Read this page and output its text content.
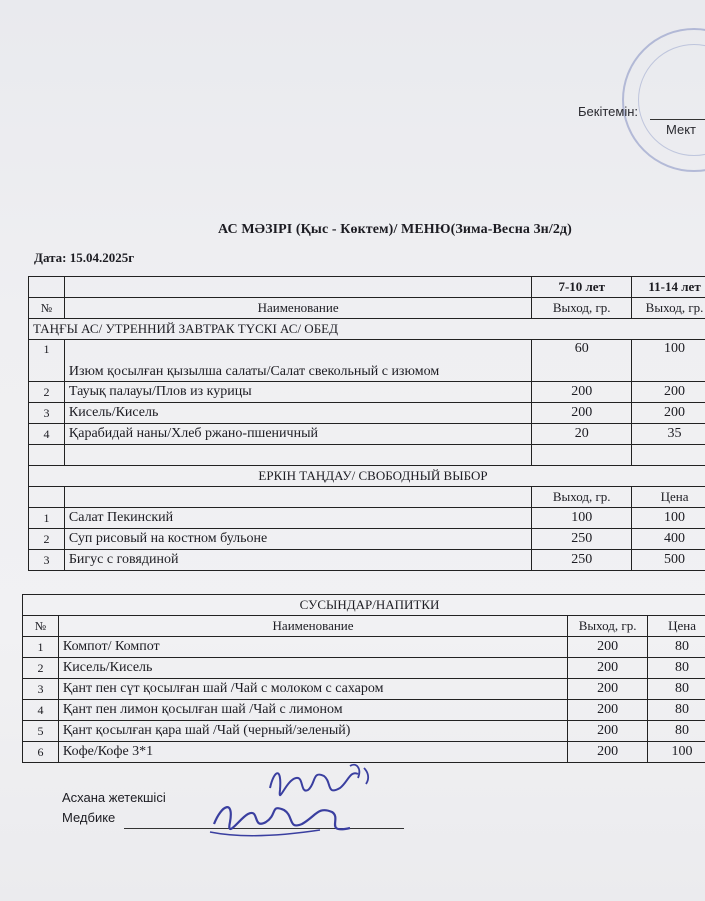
Бекітемін:
Мект
АС МӘЗІРІ (Қыс - Көктем)/ МЕНЮ(Зима-Весна 3н/2д)
Дата: 15.04.2025г
		7-10 лет	11-14 лет
№	Наименование	Выход, гр.	Выход, гр.
ТАҢҒЫ АС/ УТРЕННИЙ ЗАВТРАК ТҮСКІ АС/ ОБЕД			
1	Изюм қосылған қызылша салаты/Салат свекольный с изюмом	60	100
2	Тауық палауы/Плов из курицы	200	200
3	Кисель/Кисель	200	200
4	Қарабидай наны/Хлеб ржано-пшеничный	20	35

ЕРКІН ТАҢДАУ/ СВОБОДНЫЙ ВЫБОР			
		Выход, гр.	Цена
1	Салат Пекинский	100	100
2	Суп рисовый на костном бульоне	250	400
3	Бигус с говядиной	250	500
СУСЫНДАР/НАПИТКИ			
№	Наименование	Выход, гр.	Цена
1	Компот/ Компот	200	80
2	Кисель/Кисель	200	80
3	Қант пен сүт қосылған шай /Чай с молоком с сахаром	200	80
4	Қант пен лимон қосылған шай /Чай с лимоном	200	80
5	Қант қосылған қара шай /Чай (черный/зеленый)	200	80
6	Кофе/Кофе 3*1	200	100
Асхана жетекшісі
Медбике
